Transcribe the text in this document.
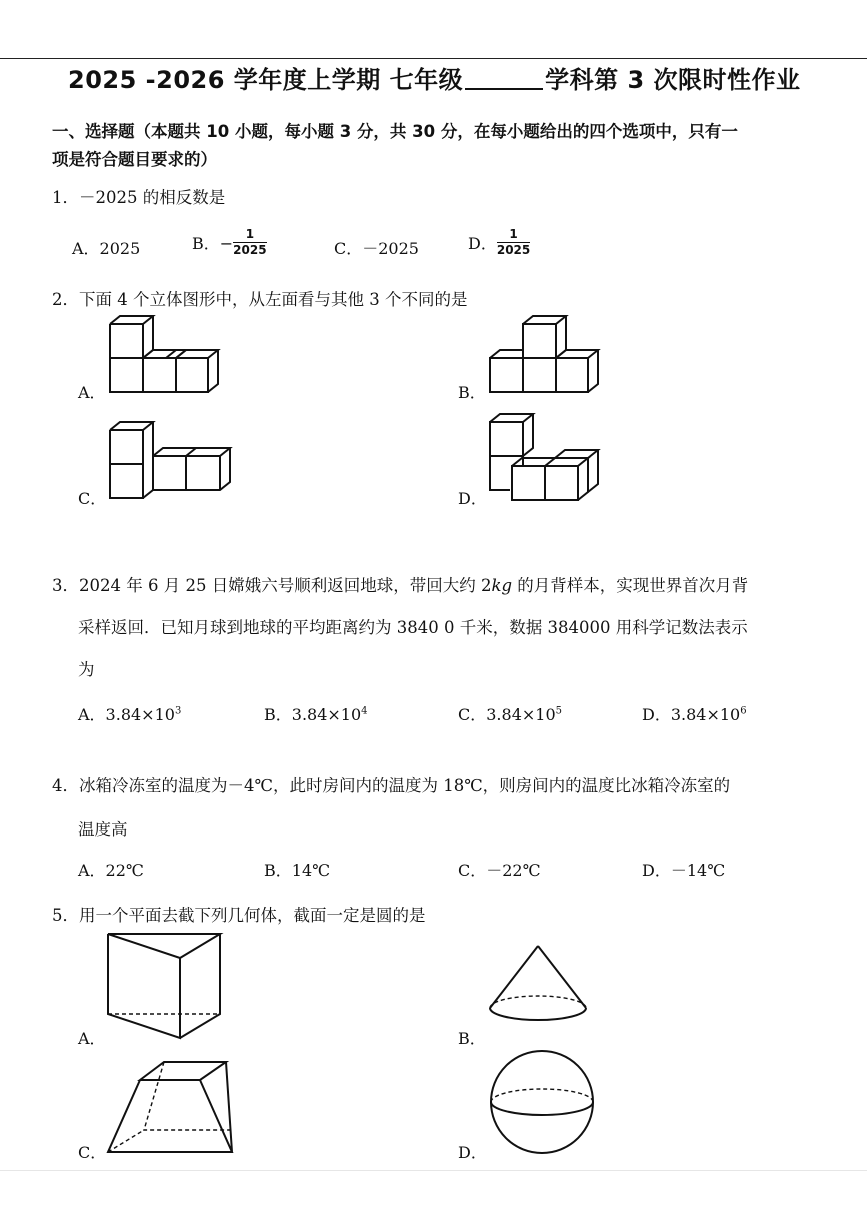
2025 -2026 学年度上学期 七年级	学科第 3 次限时性作业
一、选择题（本题共 10 小题，每小题 3 分，共 30 分，在每小题给出的四个选项中，只有一
项是符合题目要求的）
1．－2025 的相反数是
A．2025	B．− $\frac{1}{2025}$	C．－2025	D． $\frac{1}{2025}$
2．下面 4 个立体图形中，从左面看与其他 3 个不同的是
A．	B．
C．	D．
3．2024 年 6 月 25 日嫦娥六号顺利返回地球，带回大约 2kg 的月背样本，实现世界首次月背
采样返回．已知月球到地球的平均距离约为 3840 0 千米，数据 384000 用科学记数法表示
为
A．$3.84\times 10^3$	B．$3.84\times 10^4$	C．$3.84\times 10^5$	D．$3.84\times 10^6$
4．冰箱冷冻室的温度为－4℃，此时房间内的温度为 18℃，则房间内的温度比冰箱冷冻室的
温度高
A．22℃	B．14℃	C．－22℃	D．－14℃
5．用一个平面去截下列几何体，截面一定是圆的是
A．	B．
C．	D．
